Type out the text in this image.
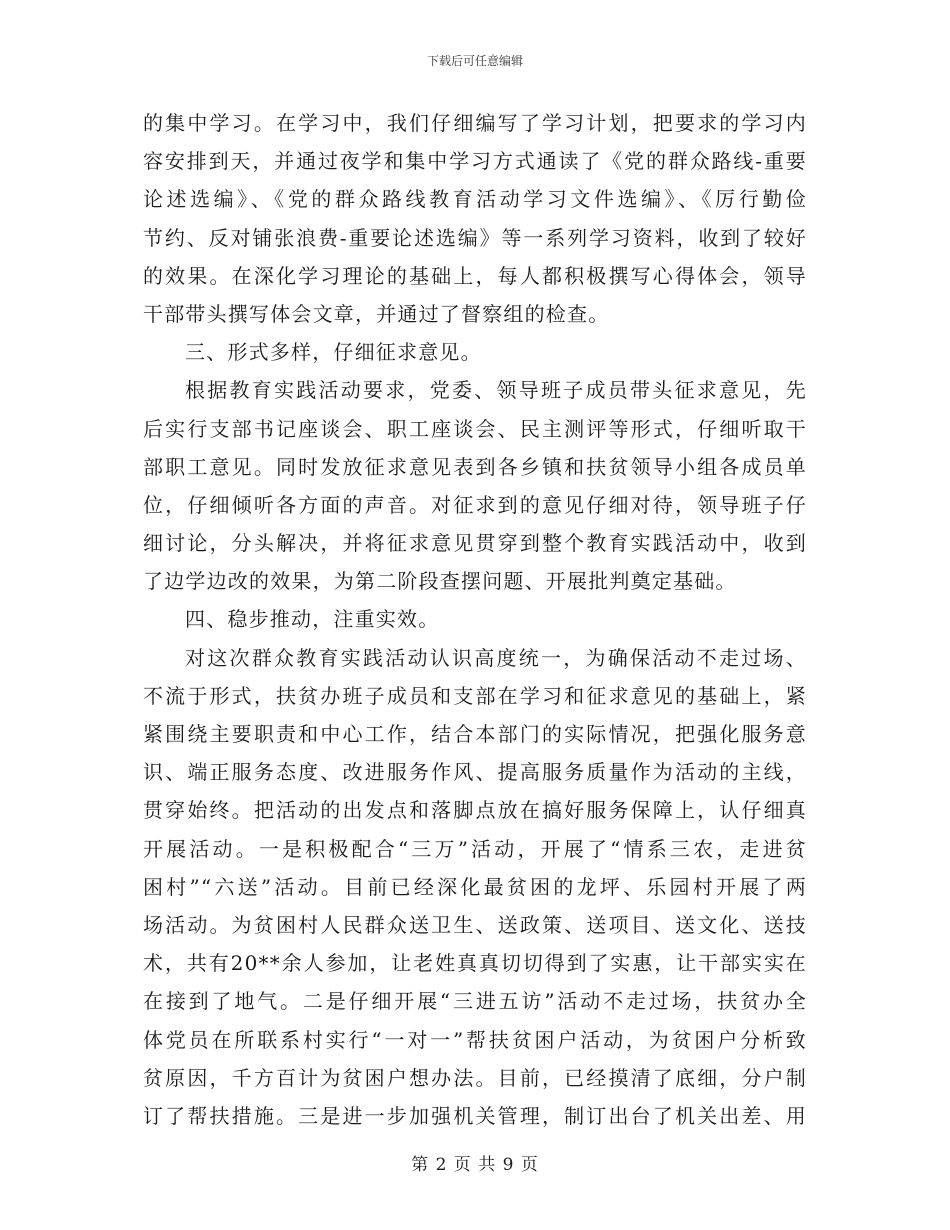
下载后可任意编辑
的集中学习。在学习中，我们仔细编写了学习计划，把要求的学习内
容安排到天，并通过夜学和集中学习方式通读了《党的群众路线-重要
论述选编》、《党的群众路线教育活动学习文件选编》、《厉行勤俭
节约、反对铺张浪费-重要论述选编》等一系列学习资料，收到了较好
的效果。在深化学习理论的基础上，每人都积极撰写心得体会，领导
干部带头撰写体会文章，并通过了督察组的检查。
三、形式多样，仔细征求意见。
根据教育实践活动要求，党委、领导班子成员带头征求意见，先
后实行支部书记座谈会、职工座谈会、民主测评等形式，仔细听取干
部职工意见。同时发放征求意见表到各乡镇和扶贫领导小组各成员单
位，仔细倾听各方面的声音。对征求到的意见仔细对待，领导班子仔
细讨论，分头解决，并将征求意见贯穿到整个教育实践活动中，收到
了边学边改的效果，为第二阶段查摆问题、开展批判奠定基础。
四、稳步推动，注重实效。
对这次群众教育实践活动认识高度统一，为确保活动不走过场、
不流于形式，扶贫办班子成员和支部在学习和征求意见的基础上，紧
紧围绕主要职责和中心工作，结合本部门的实际情况，把强化服务意
识、端正服务态度、改进服务作风、提高服务质量作为活动的主线，
贯穿始终。把活动的出发点和落脚点放在搞好服务保障上，认仔细真
开展活动。一是积极配合“三万”活动，开展了“情系三农，走进贫
困村”“六送”活动。目前已经深化最贫困的龙坪、乐园村开展了两
场活动。为贫困村人民群众送卫生、送政策、送项目、送文化、送技
术，共有20**余人参加，让老姓真真切切得到了实惠，让干部实实在
在接到了地气。二是仔细开展“三进五访”活动不走过场，扶贫办全
体党员在所联系村实行“一对一”帮扶贫困户活动，为贫困户分析致
贫原因，千方百计为贫困户想办法。目前，已经摸清了底细，分户制
订了帮扶措施。三是进一步加强机关管理，制订出台了机关出差、用
第 2 页 共 9 页
